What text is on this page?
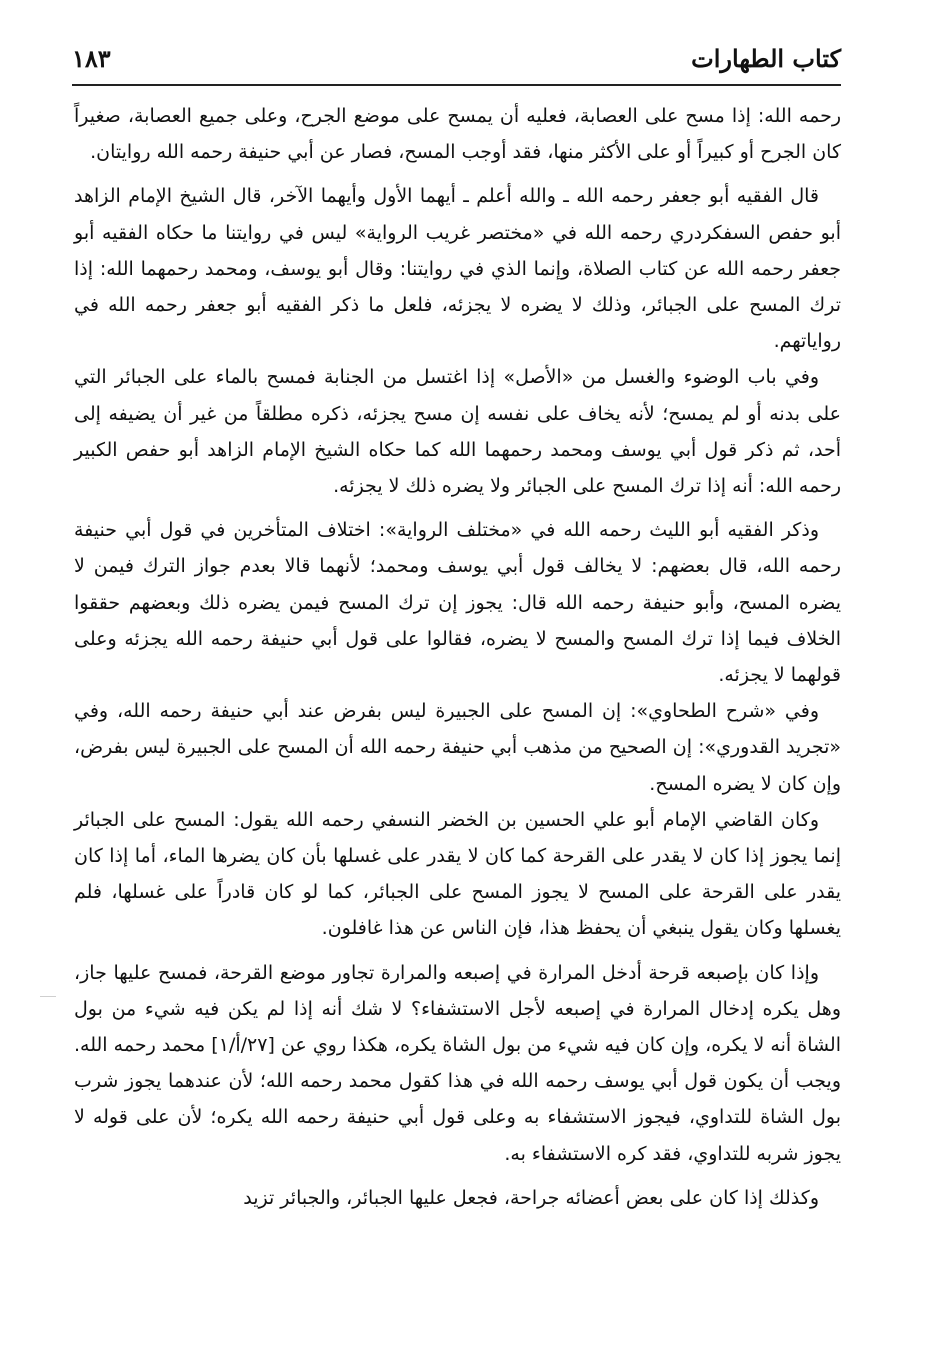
كتاب الطهارات
١٨٣

رحمه الله: إذا مسح على العصابة، فعليه أن يمسح على موضع الجرح، وعلى جميع العصابة، صغيراً كان الجرح أو كبيراً أو على الأكثر منها، فقد أوجب المسح، فصار عن أبي حنيفة رحمه الله روايتان.

قال الفقيه أبو جعفر رحمه الله ـ والله أعلم ـ أيهما الأول وأيهما الآخر، قال الشيخ الإمام الزاهد أبو حفص السفكردري رحمه الله في «مختصر غريب الرواية» ليس في روايتنا ما حكاه الفقيه أبو جعفر رحمه الله عن كتاب الصلاة، وإنما الذي في روايتنا: وقال أبو يوسف، ومحمد رحمهما الله: إذا ترك المسح على الجبائر، وذلك لا يضره لا يجزئه، فلعل ما ذكر الفقيه أبو جعفر رحمه الله في رواياتهم.

وفي باب الوضوء والغسل من «الأصل» إذا اغتسل من الجنابة فمسح بالماء على الجبائر التي على بدنه أو لم يمسح؛ لأنه يخاف على نفسه إن مسح يجزئه، ذكره مطلقاً من غير أن يضيفه إلى أحد، ثم ذكر قول أبي يوسف ومحمد رحمهما الله كما حكاه الشيخ الإمام الزاهد أبو حفص الكبير رحمه الله: أنه إذا ترك المسح على الجبائر ولا يضره ذلك لا يجزئه.

وذكر الفقيه أبو الليث رحمه الله في «مختلف الرواية»: اختلاف المتأخرين في قول أبي حنيفة رحمه الله، قال بعضهم: لا يخالف قول أبي يوسف ومحمد؛ لأنهما قالا بعدم جواز الترك فيمن لا يضره المسح، وأبو حنيفة رحمه الله قال: يجوز إن ترك المسح فيمن يضره ذلك وبعضهم حققوا الخلاف فيما إذا ترك المسح والمسح لا يضره، فقالوا على قول أبي حنيفة رحمه الله يجزئه وعلى قولهما لا يجزئه.

وفي «شرح الطحاوي»: إن المسح على الجبيرة ليس بفرض عند أبي حنيفة رحمه الله، وفي «تجريد القدوري»: إن الصحيح من مذهب أبي حنيفة رحمه الله أن المسح على الجبيرة ليس بفرض، وإن كان لا يضره المسح.

وكان القاضي الإمام أبو علي الحسين بن الخضر النسفي رحمه الله يقول: المسح على الجبائر إنما يجوز إذا كان لا يقدر على القرحة كما كان لا يقدر على غسلها بأن كان يضرها الماء، أما إذا كان يقدر على القرحة على المسح لا يجوز المسح على الجبائر، كما لو كان قادراً على غسلها، فلم يغسلها وكان يقول ينبغي أن يحفظ هذا، فإن الناس عن هذا غافلون.

وإذا كان بإصبعه قرحة أدخل المرارة في إصبعه والمرارة تجاور موضع القرحة، فمسح عليها جاز، وهل يكره إدخال المرارة في إصبعه لأجل الاستشفاء؟ لا شك أنه إذا لم يكن فيه شيء من بول الشاة أنه لا يكره، وإن كان فيه شيء من بول الشاة يكره، هكذا روي عن [٢٧/أ/١] محمد رحمه الله. ويجب أن يكون قول أبي يوسف رحمه الله في هذا كقول محمد رحمه الله؛ لأن عندهما يجوز شرب بول الشاة للتداوي، فيجوز الاستشفاء به وعلى قول أبي حنيفة رحمه الله يكره؛ لأن على قوله لا يجوز شربه للتداوي، فقد كره الاستشفاء به.

وكذلك إذا كان على بعض أعضائه جراحة، فجعل عليها الجبائر، والجبائر تزيد
